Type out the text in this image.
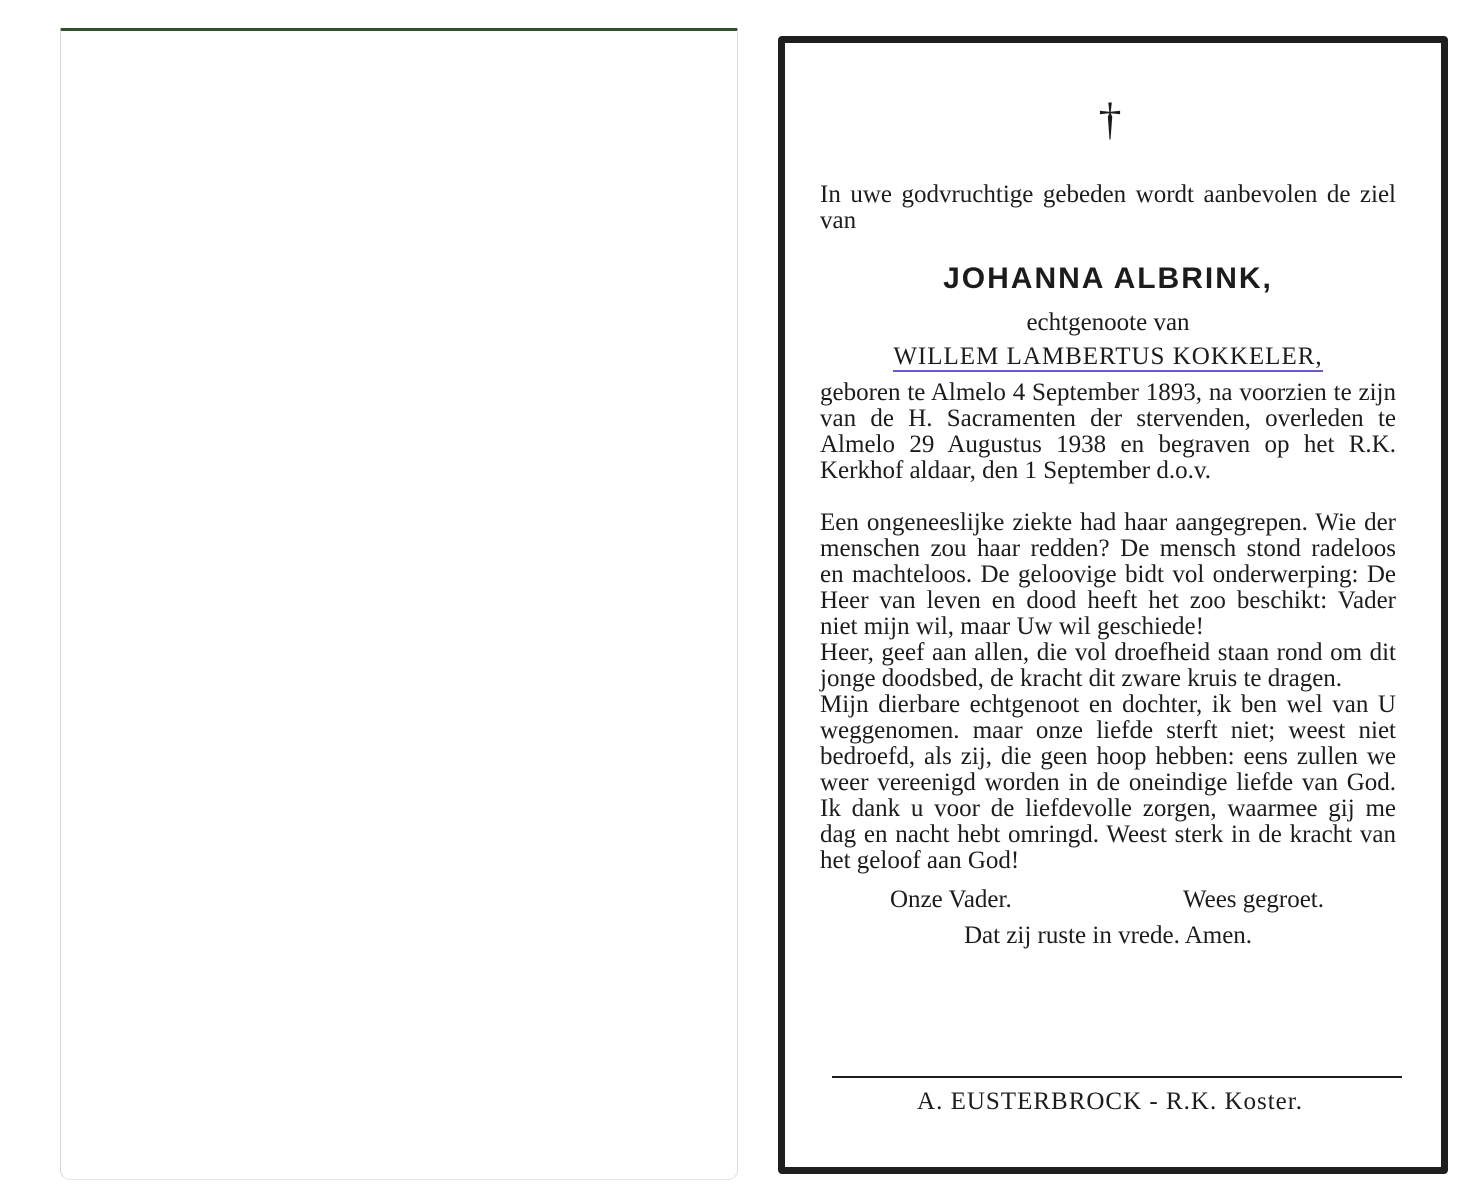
†

In uwe godvruchtige gebeden wordt aanbevolen de ziel van

JOHANNA ALBRINK,
echtgenoote van
WILLEM LAMBERTUS KOKKELER,

geboren te Almelo 4 September 1893, na voorzien te zijn van de H. Sacramenten der stervenden, overleden te Almelo 29 Augustus 1938 en begraven op het R.K. Kerkhof aldaar, den 1 September d.o.v.

Een ongeneeslijke ziekte had haar aangegrepen. Wie der menschen zou haar redden? De mensch stond radeloos en machteloos. De geloovige bidt vol onderwerping: De Heer van leven en dood heeft het zoo beschikt: Vader niet mijn wil, maar Uw wil geschiede!

Heer, geef aan allen, die vol droefheid staan rond om dit jonge doodsbed, de kracht dit zware kruis te dragen.

Mijn dierbare echtgenoot en dochter, ik ben wel van U weggenomen. maar onze liefde sterft niet; weest niet bedroefd, als zij, die geen hoop hebben: eens zullen we weer vereenigd worden in de oneindige liefde van God. Ik dank u voor de liefdevolle zorgen, waarmee gij me dag en nacht hebt omringd. Weest sterk in de kracht van het geloof aan God!

Onze Vader.	Wees gegroet.
Dat zij ruste in vrede. Amen.
A. EUSTERBROCK - R.K. Koster.
